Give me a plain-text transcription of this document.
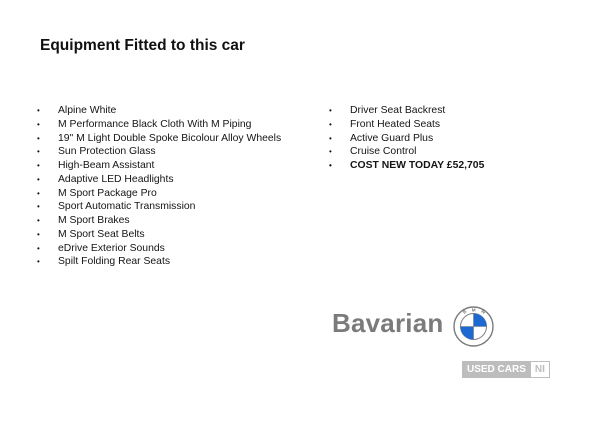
Equipment Fitted to this car
• Alpine White
• M Performance Black Cloth With M Piping
• 19" M Light Double Spoke Bicolour Alloy Wheels
• Sun Protection Glass
• High-Beam Assistant
• Adaptive LED Headlights
• M Sport Package Pro
• Sport Automatic Transmission
• M Sport Brakes
• M Sport Seat Belts
• eDrive Exterior Sounds
• Spilt Folding Rear Seats
• Driver Seat Backrest
• Front Heated Seats
• Active Guard Plus
• Cruise Control
• COST NEW TODAY £52,705
Bavarian	B M W
USED CARS NI
